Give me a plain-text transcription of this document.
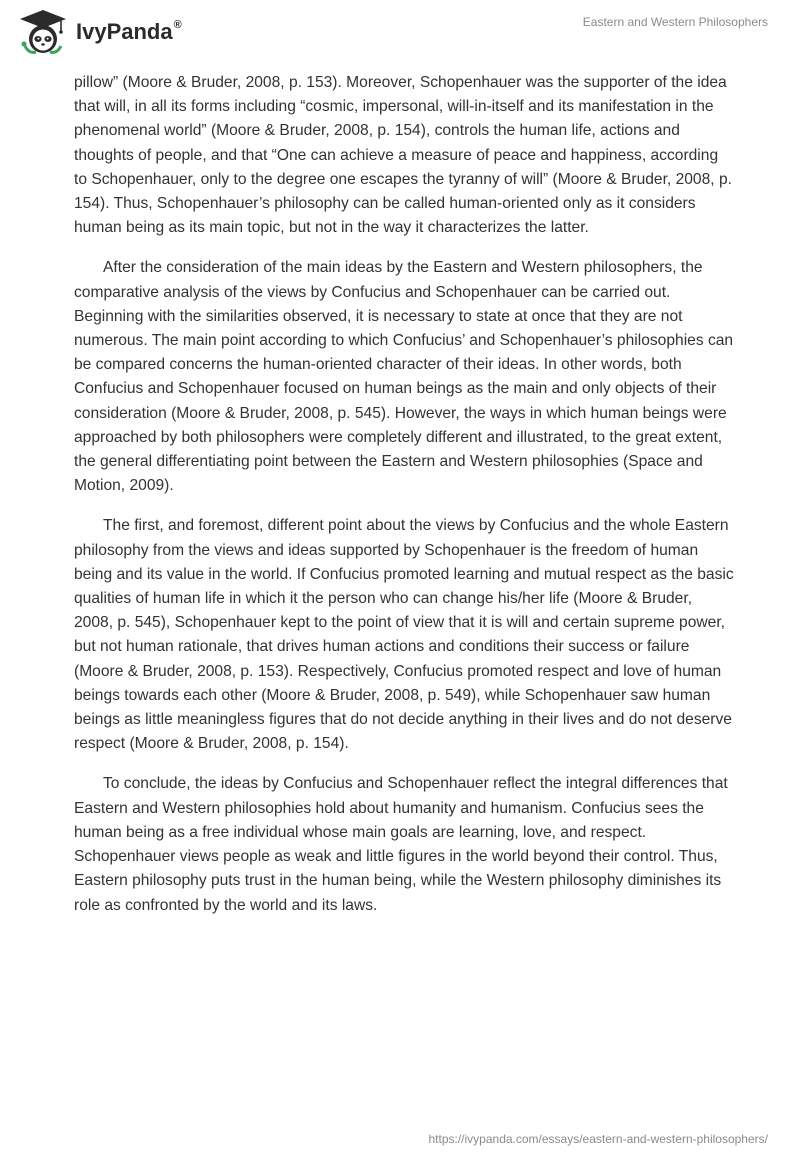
IvyPanda®	Eastern and Western Philosophers

pillow” (Moore & Bruder, 2008, p. 153). Moreover, Schopenhauer was the supporter of the idea that will, in all its forms including “cosmic, impersonal, will-in-itself and its manifestation in the phenomenal world” (Moore & Bruder, 2008, p. 154), controls the human life, actions and thoughts of people, and that “One can achieve a measure of peace and happiness, according to Schopenhauer, only to the degree one escapes the tyranny of will” (Moore & Bruder, 2008, p. 154). Thus, Schopenhauer’s philosophy can be called human-oriented only as it considers human being as its main topic, but not in the way it characterizes the latter.

After the consideration of the main ideas by the Eastern and Western philosophers, the comparative analysis of the views by Confucius and Schopenhauer can be carried out. Beginning with the similarities observed, it is necessary to state at once that they are not numerous. The main point according to which Confucius’ and Schopenhauer’s philosophies can be compared concerns the human-oriented character of their ideas. In other words, both Confucius and Schopenhauer focused on human beings as the main and only objects of their consideration (Moore & Bruder, 2008, p. 545). However, the ways in which human beings were approached by both philosophers were completely different and illustrated, to the great extent, the general differentiating point between the Eastern and Western philosophies (Space and Motion, 2009).

The first, and foremost, different point about the views by Confucius and the whole Eastern philosophy from the views and ideas supported by Schopenhauer is the freedom of human being and its value in the world. If Confucius promoted learning and mutual respect as the basic qualities of human life in which it the person who can change his/her life (Moore & Bruder, 2008, p. 545), Schopenhauer kept to the point of view that it is will and certain supreme power, but not human rationale, that drives human actions and conditions their success or failure (Moore & Bruder, 2008, p. 153). Respectively, Confucius promoted respect and love of human beings towards each other (Moore & Bruder, 2008, p. 549), while Schopenhauer saw human beings as little meaningless figures that do not decide anything in their lives and do not deserve respect (Moore & Bruder, 2008, p. 154).

To conclude, the ideas by Confucius and Schopenhauer reflect the integral differences that Eastern and Western philosophies hold about humanity and humanism. Confucius sees the human being as a free individual whose main goals are learning, love, and respect. Schopenhauer views people as weak and little figures in the world beyond their control. Thus, Eastern philosophy puts trust in the human being, while the Western philosophy diminishes its role as confronted by the world and its laws.

https://ivypanda.com/essays/eastern-and-western-philosophers/
